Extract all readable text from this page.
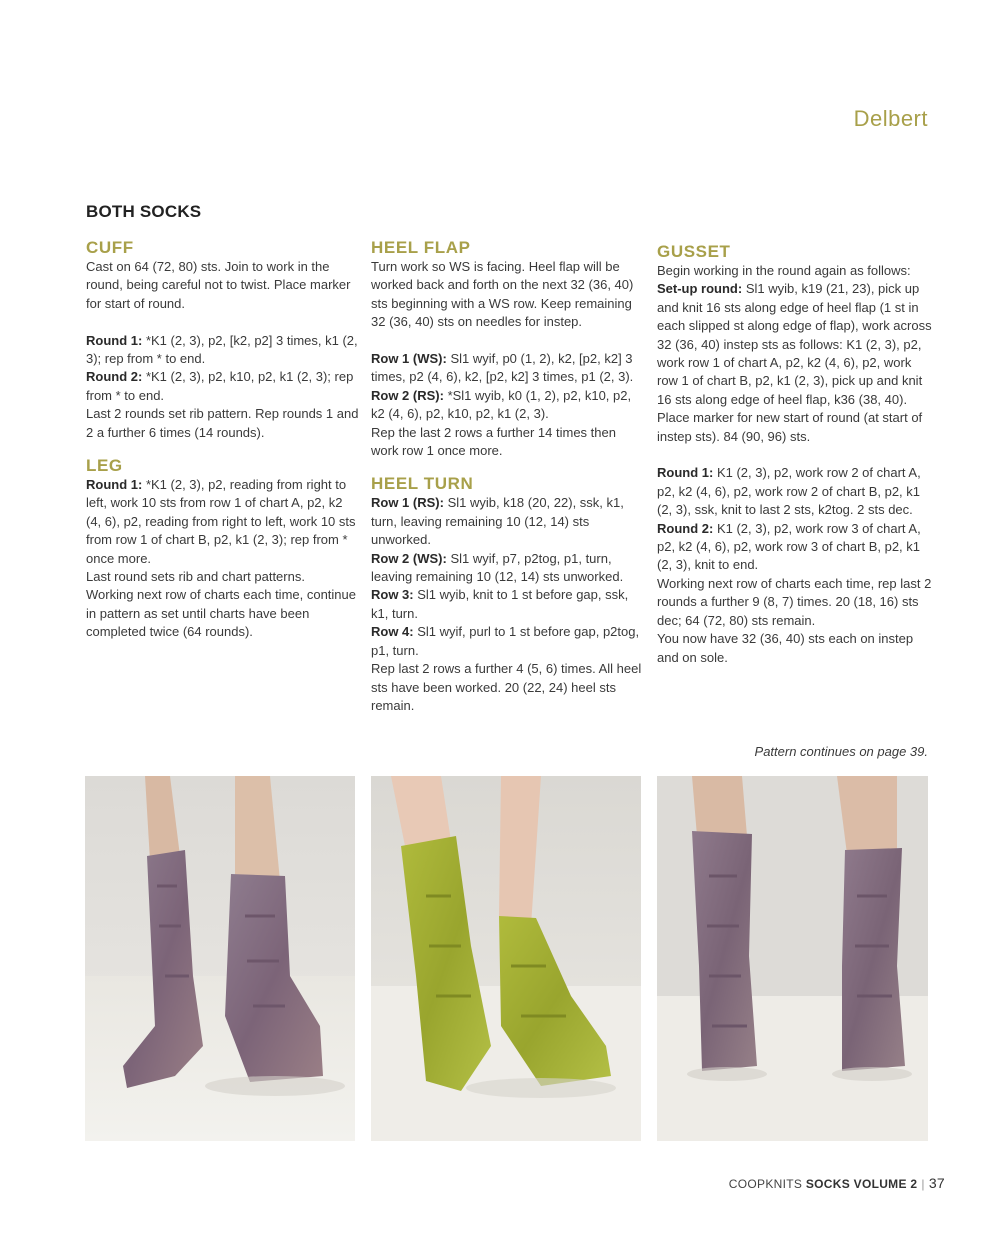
Delbert
BOTH SOCKS
CUFF

Cast on 64 (72, 80) sts. Join to work in the round, being careful not to twist. Place marker for start of round.

Round 1: *K1 (2, 3), p2, [k2, p2] 3 times, k1 (2, 3); rep from * to end.

Round 2: *K1 (2, 3), p2, k10, p2, k1 (2, 3); rep from * to end.

Last 2 rounds set rib pattern. Rep rounds 1 and 2 a further 6 times (14 rounds).

LEG

Round 1: *K1 (2, 3), p2, reading from right to left, work 10 sts from row 1 of chart A, p2, k2 (4, 6), p2, reading from right to left, work 10 sts from row 1 of chart B, p2, k1 (2, 3); rep from * once more.

Last round sets rib and chart patterns.

Working next row of charts each time, continue in pattern as set until charts have been completed twice (64 rounds).

HEEL FLAP

Turn work so WS is facing. Heel flap will be worked back and forth on the next 32 (36, 40) sts beginning with a WS row. Keep remaining 32 (36, 40) sts on needles for instep.

Row 1 (WS): Sl1 wyif, p0 (1, 2), k2, [p2, k2] 3 times, p2 (4, 6), k2, [p2, k2] 3 times, p1 (2, 3).

Row 2 (RS): *Sl1 wyib, k0 (1, 2), p2, k10, p2, k2 (4, 6), p2, k10, p2, k1 (2, 3).

Rep the last 2 rows a further 14 times then work row 1 once more.

HEEL TURN

Row 1 (RS): Sl1 wyib, k18 (20, 22), ssk, k1, turn, leaving remaining 10 (12, 14) sts unworked.

Row 2 (WS): Sl1 wyif, p7, p2tog, p1, turn, leaving remaining 10 (12, 14) sts unworked.

Row 3: Sl1 wyib, knit to 1 st before gap, ssk, k1, turn.

Row 4: Sl1 wyif, purl to 1 st before gap, p2tog, p1, turn.

Rep last 2 rows a further 4 (5, 6) times. All heel sts have been worked. 20 (22, 24) heel sts remain.

GUSSET

Begin working in the round again as follows:

Set-up round: Sl1 wyib, k19 (21, 23), pick up and knit 16 sts along edge of heel flap (1 st in each slipped st along edge of flap), work across 32 (36, 40) instep sts as follows: K1 (2, 3), p2, work row 1 of chart A, p2, k2 (4, 6), p2, work row 1 of chart B, p2, k1 (2, 3), pick up and knit 16 sts along edge of heel flap, k36 (38, 40). Place marker for new start of round (at start of instep sts). 84 (90, 96) sts.

Round 1: K1 (2, 3), p2, work row 2 of chart A, p2, k2 (4, 6), p2, work row 2 of chart B, p2, k1 (2, 3), ssk, knit to last 2 sts, k2tog. 2 sts dec.

Round 2: K1 (2, 3), p2, work row 3 of chart A, p2, k2 (4, 6), p2, work row 3 of chart B, p2, k1 (2, 3), knit to end.

Working next row of charts each time, rep last 2 rounds a further 9 (8, 7) times. 20 (18, 16) sts dec; 64 (72, 80) sts remain.

You now have 32 (36, 40) sts each on instep and on sole.

Pattern continues on page 39.
COOPKNITS SOCKS VOLUME 2 | 37
